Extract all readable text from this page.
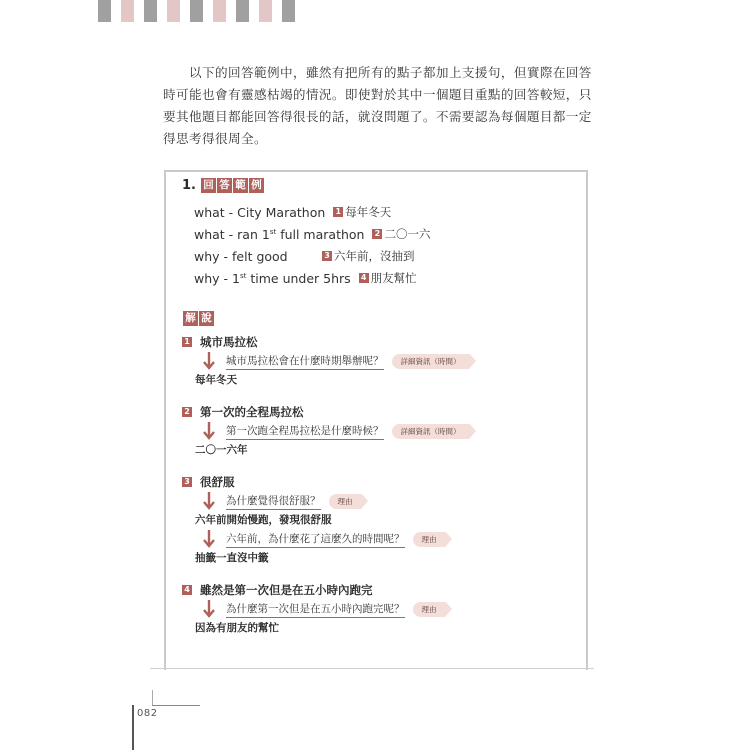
以下的回答範例中，雖然有把所有的點子都加上支援句，但實際在回答時可能也會有靈感枯竭的情況。即使對於其中一個題目重點的回答較短，只要其他題目都能回答得很長的話，就沒問題了。不需要認為每個題目都一定得思考得很周全。

1. 回 答 範 例
what - City Marathon 1 每年冬天
what - ran 1st full marathon 2 二〇一六
why - felt good	3 六年前，沒抽到
why - 1st time under 5hrs 4 朋友幫忙
解 說
1 城市馬拉松
城市馬拉松會在什麼時期舉辦呢？	詳細資訊（時間）
每年冬天
2 第一次的全程馬拉松
第一次跑全程馬拉松是什麼時候？	詳細資訊（時間）
二〇一六年
3 很舒服
為什麼覺得很舒服？	理由
六年前開始慢跑，發現很舒服
六年前，為什麼花了這麼久的時間呢？	理由
抽籤一直沒中籤
4 雖然是第一次但是在五小時內跑完
為什麼第一次但是在五小時內跑完呢？	理由
因為有朋友的幫忙
082
